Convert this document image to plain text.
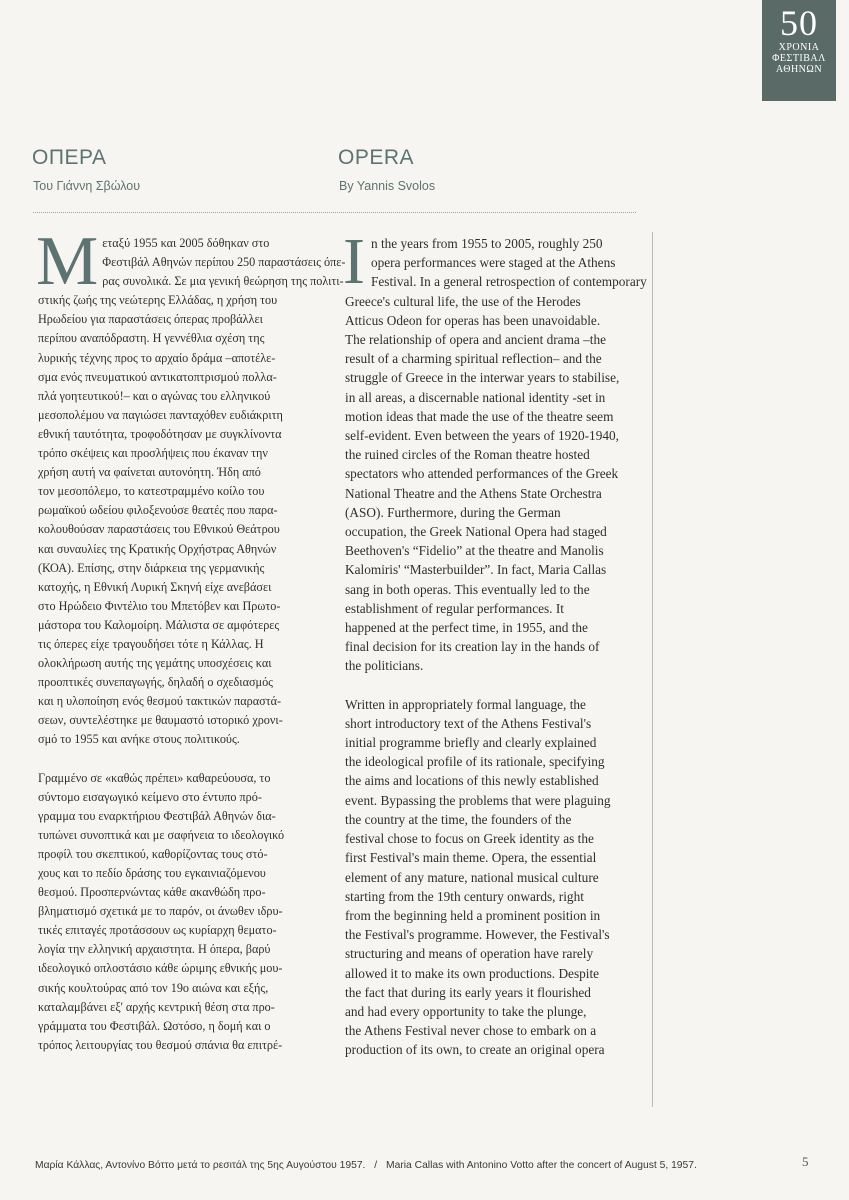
50
ΧΡΟΝΙΑ
ΦΕΣΤΙΒΑΛ
ΑΘΗΝΩΝ
ΟΠΕΡΑ
Του Γιάννη Σβώλου
OPERA
By Yannis Svolos
Μ εταξύ 1955 και 2005 δόθηκαν στο

Φεστιβάλ Αθηνών περίπου 250 παραστάσεις όπε-

ρας συνολικά. Σε μια γενική θεώρηση της πολιτι-

στικής ζωής της νεώτερης Ελλάδας, η χρήση του

Ηρωδείου για παραστάσεις όπερας προβάλλει

περίπου αναπόδραστη. Η γεννέθλια σχέση της

λυρικής τέχνης προς το αρχαίο δράμα –αποτέλε-

σμα ενός πνευματικού αντικατοπτρισμού πολλα-

πλά γοητευτικού!– και ο αγώνας του ελληνικού

μεσοπολέμου να παγιώσει πανταχόθεν ευδιάκριτη

εθνική ταυτότητα, τροφοδότησαν με συγκλίνοντα

τρόπο σκέψεις και προσλήψεις που έκαναν την

χρήση αυτή να φαίνεται αυτονόητη. Ήδη από

τον μεσοπόλεμο, το κατεστραμμένο κοίλο του

ρωμαϊκού ωδείου φιλοξενούσε θεατές που παρα-

κολουθούσαν παραστάσεις του Εθνικού Θεάτρου

και συναυλίες της Κρατικής Ορχήστρας Αθηνών

(ΚΟΑ). Επίσης, στην διάρκεια της γερμανικής

κατοχής, η Εθνική Λυρική Σκηνή είχε ανεβάσει

στο Ηρώδειο Φιντέλιο του Μπετόβεν και Πρωτο-

μάστορα του Καλομοίρη. Μάλιστα σε αμφότερες

τις όπερες είχε τραγουδήσει τότε η Κάλλας. Η

ολοκλήρωση αυτής της γεμάτης υποσχέσεις και

προοπτικές συνεπαγωγής, δηλαδή ο σχεδιασμός

και η υλοποίηση ενός θεσμού τακτικών παραστά-

σεων, συντελέστηκε με θαυμαστό ιστορικό χρονι-

σμό το 1955 και ανήκε στους πολιτικούς.

Γραμμένο σε «καθώς πρέπει» καθαρεύουσα, το

σύντομο εισαγωγικό κείμενο στο έντυπο πρό-

γραμμα του εναρκτήριου Φεστιβάλ Αθηνών δια-

τυπώνει συνοπτικά και με σαφήνεια το ιδεολογικό

προφίλ του σκεπτικού, καθορίζοντας τους στό-

χους και το πεδίο δράσης του εγκαινιαζόμενου

θεσμού. Προσπερνώντας κάθε ακανθώδη προ-

βληματισμό σχετικά με το παρόν, οι άνωθεν ιδρυ-

τικές επιταγές προτάσσουν ως κυρίαρχη θεματο-

λογία την ελληνική αρχαιστητα. Η όπερα, βαρύ

ιδεολογικό οπλοστάσιο κάθε ώριμης εθνικής μου-

σικής κουλτούρας από τον 19ο αιώνα και εξής,

καταλαμβάνει εξ' αρχής κεντρική θέση στα προ-

γράμματα του Φεστιβάλ. Ωστόσο, η δομή και ο

τρόπος λειτουργίας του θεσμού σπάνια θα επιτρέ-

I n the years from 1955 to 2005, roughly 250

opera performances were staged at the Athens

Festival. In a general retrospection of contemporary

Greece's cultural life, the use of the Herodes

Atticus Odeon for operas has been unavoidable.

The relationship of opera and ancient drama –the

result of a charming spiritual reflection– and the

struggle of Greece in the interwar years to stabilise,

in all areas, a discernable national identity -set in

motion ideas that made the use of the theatre seem

self-evident. Even between the years of 1920-1940,

the ruined circles of the Roman theatre hosted

spectators who attended performances of the Greek

National Theatre and the Athens State Orchestra

(ASO). Furthermore, during the German

occupation, the Greek National Opera had staged

Beethoven's “Fidelio” at the theatre and Manolis

Kalomiris' “Masterbuilder”. In fact, Maria Callas

sang in both operas. This eventually led to the

establishment of regular performances. It

happened at the perfect time, in 1955, and the

final decision for its creation lay in the hands of

the politicians.

Written in appropriately formal language, the

short introductory text of the Athens Festival's

initial programme briefly and clearly explained

the ideological profile of its rationale, specifying

the aims and locations of this newly established

event. Bypassing the problems that were plaguing

the country at the time, the founders of the

festival chose to focus on Greek identity as the

first Festival's main theme. Opera, the essential

element of any mature, national musical culture

starting from the 19th century onwards, right

from the beginning held a prominent position in

the Festival's programme. However, the Festival's

structuring and means of operation have rarely

allowed it to make its own productions. Despite

the fact that during its early years it flourished

and had every opportunity to take the plunge,

the Athens Festival never chose to embark on a

production of its own, to create an original opera

Μαρία Κάλλας, Αντονίνο Βόττο μετά το ρεσιτάλ της 5ης Αυγούστου 1957. / Maria Callas with Antonino Votto after the concert of August 5, 1957.	5
